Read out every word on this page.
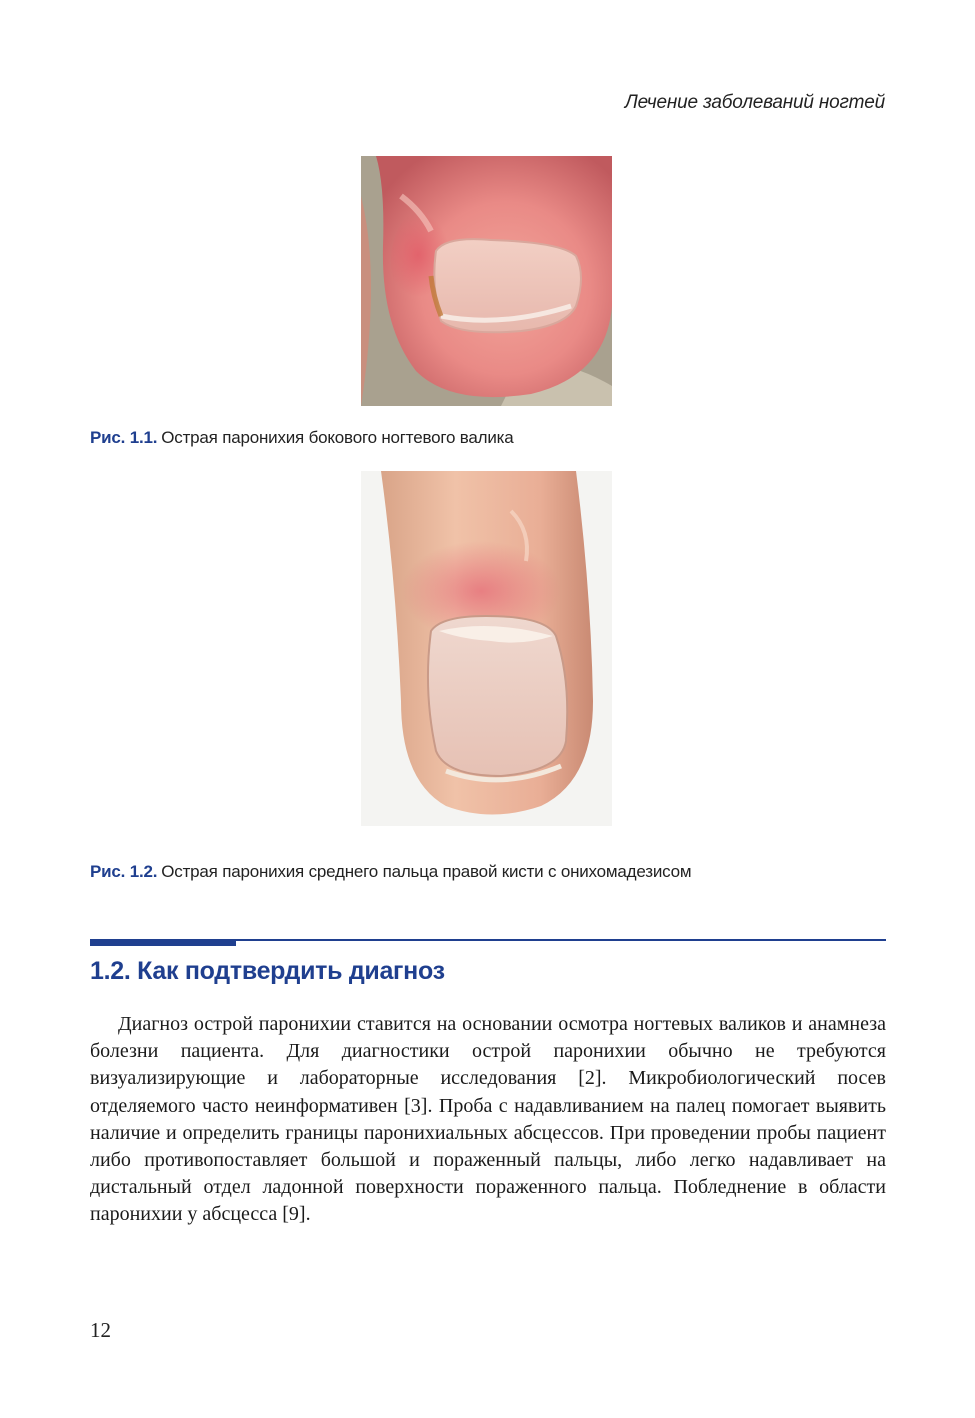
Лечение заболеваний ногтей
Рис. 1.1. Острая паронихия бокового ногтевого валика
Рис. 1.2. Острая паронихия среднего пальца правой кисти с онихомадезисом
1.2. Как подтвердить диагноз

Диагноз острой паронихии ставится на основании осмотра ногтевых валиков и анамнеза болезни пациента. Для диагностики острой паронихии обычно не требуются визуализирующие и лабораторные исследования [2]. Микробиологический посев отделяемого часто неинформативен [3]. Проба с надавливанием на палец помогает выявить наличие и определить границы паронихиальных абсцессов. При проведении пробы пациент либо противопоставляет большой и пораженный пальцы, либо легко надавливает на дистальный отдел ладонной поверхности пораженного пальца. Побледнение в области паронихии у абсцесса [9].

12
